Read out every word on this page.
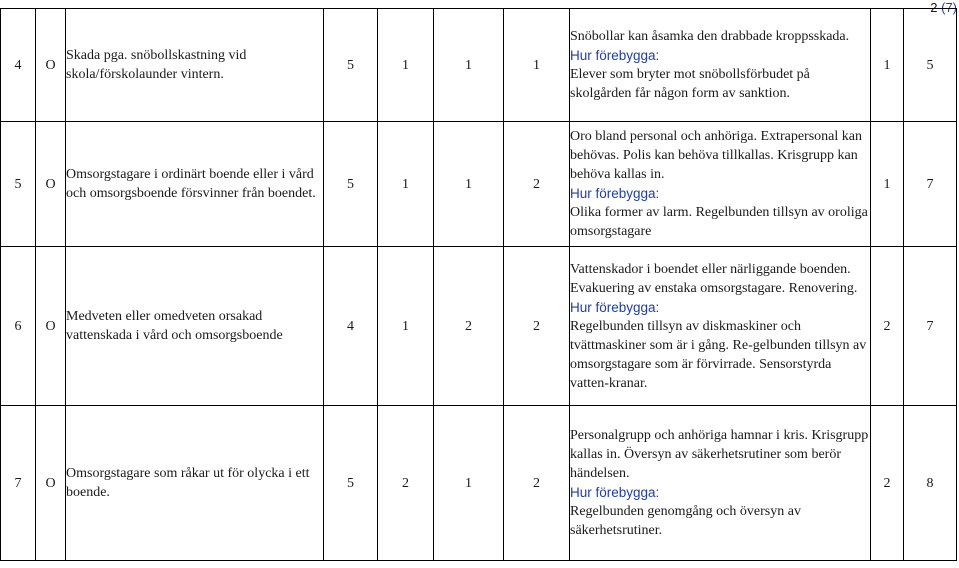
2 (7)
4	O	Skada pga. snöbollskastning vid skola/förskolaunder vintern.	5	1	1	1	Snöbollar kan åsamka den drabbade kroppsskada.
Hur förebygga:
Elever som bryter mot snöbollsförbudet på skolgården får någon form av sanktion.	1	5
5	O	Omsorgstagare i ordinärt boende eller i vård och omsorgsboende försvinner från boendet.	5	1	1	2	Oro bland personal och anhöriga. Extrapersonal kan behövas. Polis kan behöva tillkallas. Krisgrupp kan behöva kallas in.
Hur förebygga:
Olika former av larm. Regelbunden tillsyn av oroliga omsorgstagare	1	7
6	O	Medveten eller omedveten orsakad vattenskada i vård och omsorgsboende	4	1	2	2	Vattenskador i boendet eller närliggande boenden. Evakuering av enstaka omsorgstagare. Renovering.
Hur förebygga:
Regelbunden tillsyn av diskmaskiner och tvättmaskiner som är i gång. Re-gelbunden tillsyn av omsorgstagare som är förvirrade. Sensorstyrda vatten-kranar.	2	7
7	O	Omsorgstagare som råkar ut för olycka i ett boende.	5	2	1	2	Personalgrupp och anhöriga hamnar i kris. Krisgrupp kallas in. Översyn av säkerhetsrutiner som berör händelsen.
Hur förebygga:
Regelbunden genomgång och översyn av säkerhetsrutiner.	2	8
